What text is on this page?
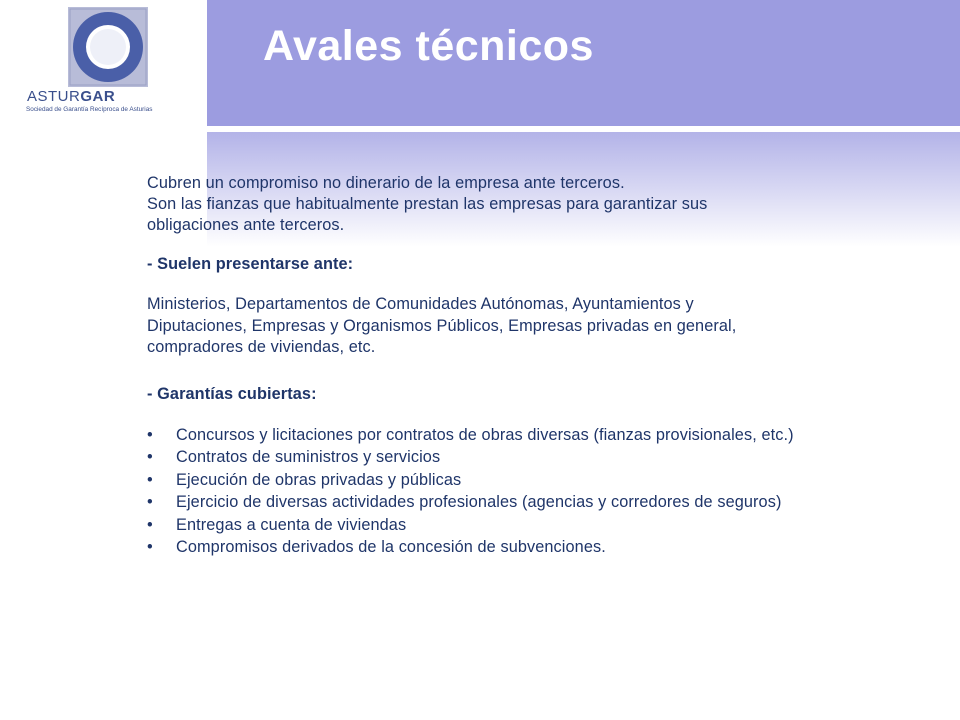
Avales técnicos
ASTURGAR
Sociedad de Garantía Recíproca de Asturias

Cubren un compromiso no dinerario de la empresa ante terceros.
Son las fianzas que habitualmente prestan las empresas para garantizar sus
obligaciones ante terceros.

- Suelen presentarse ante:

Ministerios, Departamentos de Comunidades Autónomas, Ayuntamientos y
Diputaciones, Empresas y Organismos Públicos, Empresas privadas en general,
compradores de viviendas, etc.

- Garantías cubiertas:

• Concursos y licitaciones por contratos de obras diversas (fianzas provisionales, etc.)
• Contratos de suministros y servicios
• Ejecución de obras privadas y públicas
• Ejercicio de diversas actividades profesionales (agencias y corredores de seguros)
• Entregas a cuenta de viviendas
• Compromisos derivados de la concesión de subvenciones.
